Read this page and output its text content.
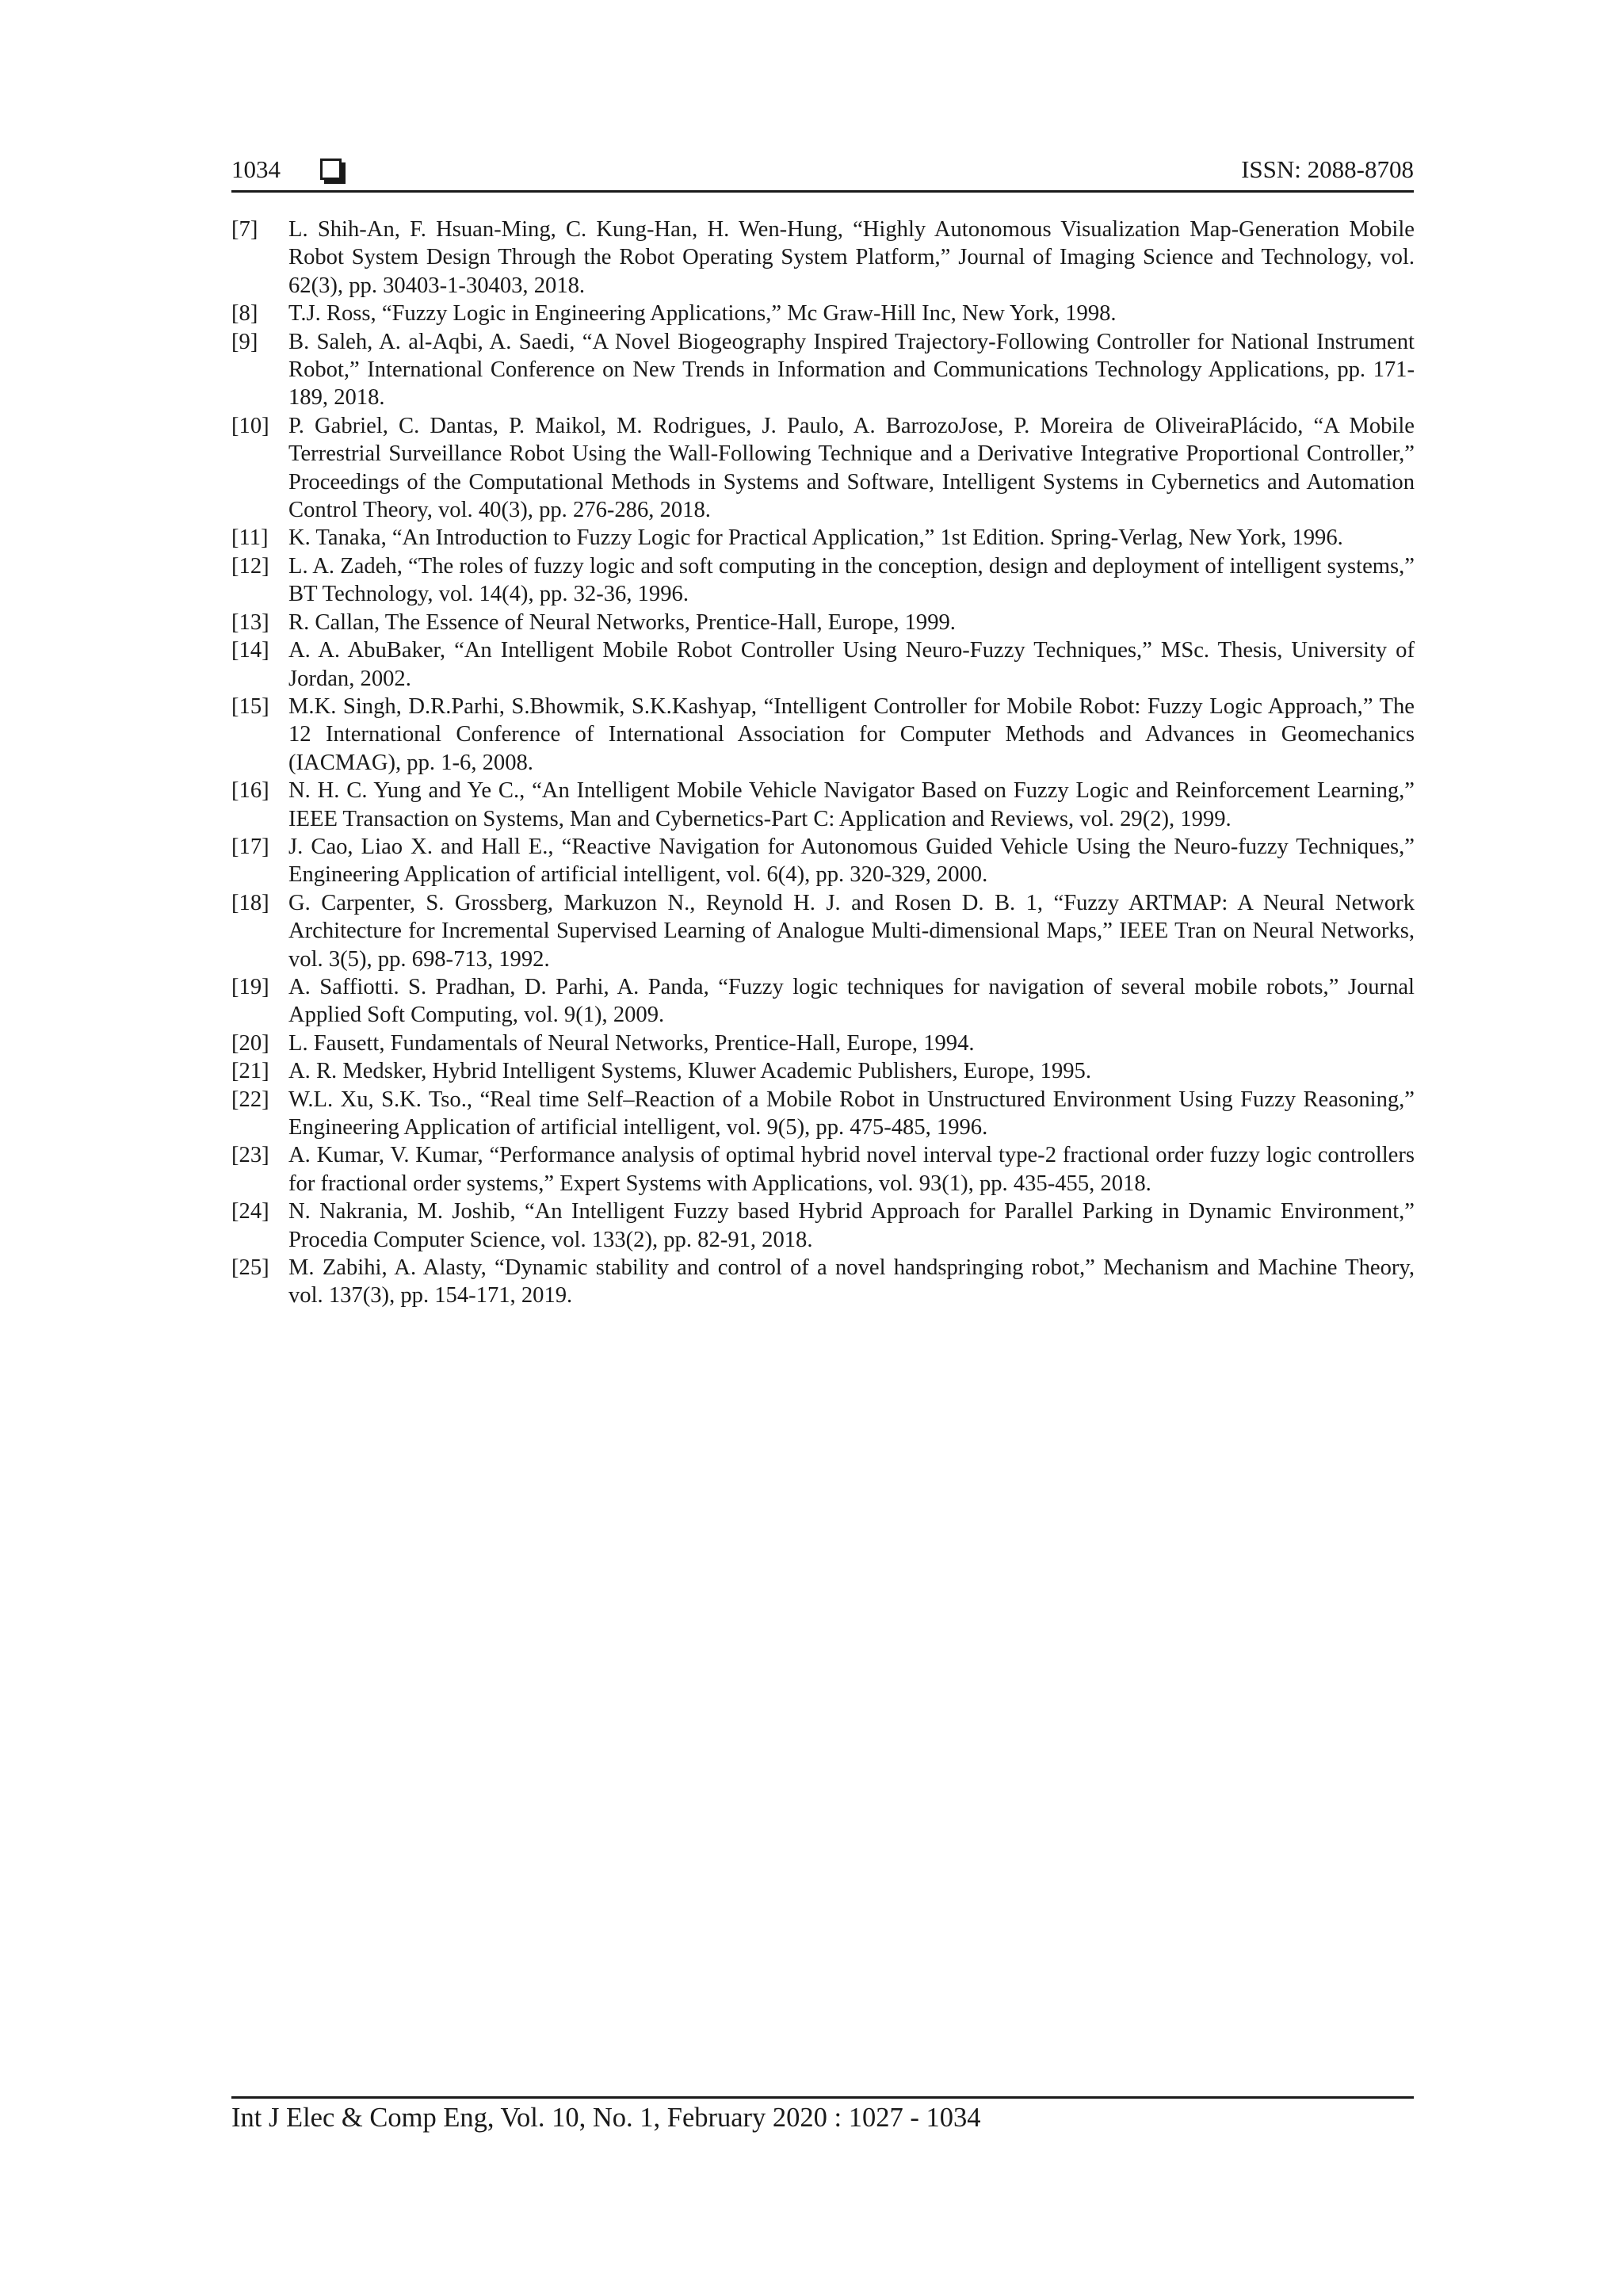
1034	ISSN: 2088-8708
[7] L. Shih-An, F. Hsuan-Ming, C. Kung-Han, H. Wen-Hung, “Highly Autonomous Visualization Map-Generation Mobile Robot System Design Through the Robot Operating System Platform,” Journal of Imaging Science and Technology, vol. 62(3), pp. 30403-1-30403, 2018.
[8] T.J. Ross, “Fuzzy Logic in Engineering Applications,” Mc Graw-Hill Inc, New York, 1998.
[9] B. Saleh, A. al-Aqbi, A. Saedi, “A Novel Biogeography Inspired Trajectory-Following Controller for National Instrument Robot,” International Conference on New Trends in Information and Communications Technology Applications, pp. 171-189, 2018.
[10] P. Gabriel, C. Dantas, P. Maikol, M. Rodrigues, J. Paulo, A. BarrozoJose, P. Moreira de OliveiraPlácido, “A Mobile Terrestrial Surveillance Robot Using the Wall-Following Technique and a Derivative Integrative Proportional Controller,” Proceedings of the Computational Methods in Systems and Software, Intelligent Systems in Cybernetics and Automation Control Theory, vol. 40(3), pp. 276-286, 2018.
[11] K. Tanaka, “An Introduction to Fuzzy Logic for Practical Application,” 1st Edition. Spring-Verlag, New York, 1996.
[12] L. A. Zadeh, “The roles of fuzzy logic and soft computing in the conception, design and deployment of intelligent systems,” BT Technology, vol. 14(4), pp. 32-36, 1996.
[13] R. Callan, The Essence of Neural Networks, Prentice-Hall, Europe, 1999.
[14] A. A. AbuBaker, “An Intelligent Mobile Robot Controller Using Neuro-Fuzzy Techniques,” MSc. Thesis, University of Jordan, 2002.
[15] M.K. Singh, D.R.Parhi, S.Bhowmik, S.K.Kashyap, “Intelligent Controller for Mobile Robot: Fuzzy Logic Approach,” The 12 International Conference of International Association for Computer Methods and Advances in Geomechanics (IACMAG), pp. 1-6, 2008.
[16] N. H. C. Yung and Ye C., “An Intelligent Mobile Vehicle Navigator Based on Fuzzy Logic and Reinforcement Learning,” IEEE Transaction on Systems, Man and Cybernetics-Part C: Application and Reviews, vol. 29(2), 1999.
[17] J. Cao, Liao X. and Hall E., “Reactive Navigation for Autonomous Guided Vehicle Using the Neuro-fuzzy Techniques,” Engineering Application of artificial intelligent, vol. 6(4), pp. 320-329, 2000.
[18] G. Carpenter, S. Grossberg, Markuzon N., Reynold H. J. and Rosen D. B. 1, “Fuzzy ARTMAP: A Neural Network Architecture for Incremental Supervised Learning of Analogue Multi-dimensional Maps,” IEEE Tran on Neural Networks, vol. 3(5), pp. 698-713, 1992.
[19] A. Saffiotti. S. Pradhan, D. Parhi, A. Panda, “Fuzzy logic techniques for navigation of several mobile robots,” Journal Applied Soft Computing, vol. 9(1), 2009.
[20] L. Fausett, Fundamentals of Neural Networks, Prentice-Hall, Europe, 1994.
[21] A. R. Medsker, Hybrid Intelligent Systems, Kluwer Academic Publishers, Europe, 1995.
[22] W.L. Xu, S.K. Tso., “Real time Self–Reaction of a Mobile Robot in Unstructured Environment Using Fuzzy Reasoning,” Engineering Application of artificial intelligent, vol. 9(5), pp. 475-485, 1996.
[23] A. Kumar, V. Kumar, “Performance analysis of optimal hybrid novel interval type-2 fractional order fuzzy logic controllers for fractional order systems,” Expert Systems with Applications, vol. 93(1), pp. 435-455, 2018.
[24] N. Nakrania, M. Joshib, “An Intelligent Fuzzy based Hybrid Approach for Parallel Parking in Dynamic Environment,” Procedia Computer Science, vol. 133(2), pp. 82-91, 2018.
[25] M. Zabihi, A. Alasty, “Dynamic stability and control of a novel handspringing robot,” Mechanism and Machine Theory, vol. 137(3), pp. 154-171, 2019.
Int J Elec & Comp Eng, Vol. 10, No. 1, February 2020 : 1027 - 1034
